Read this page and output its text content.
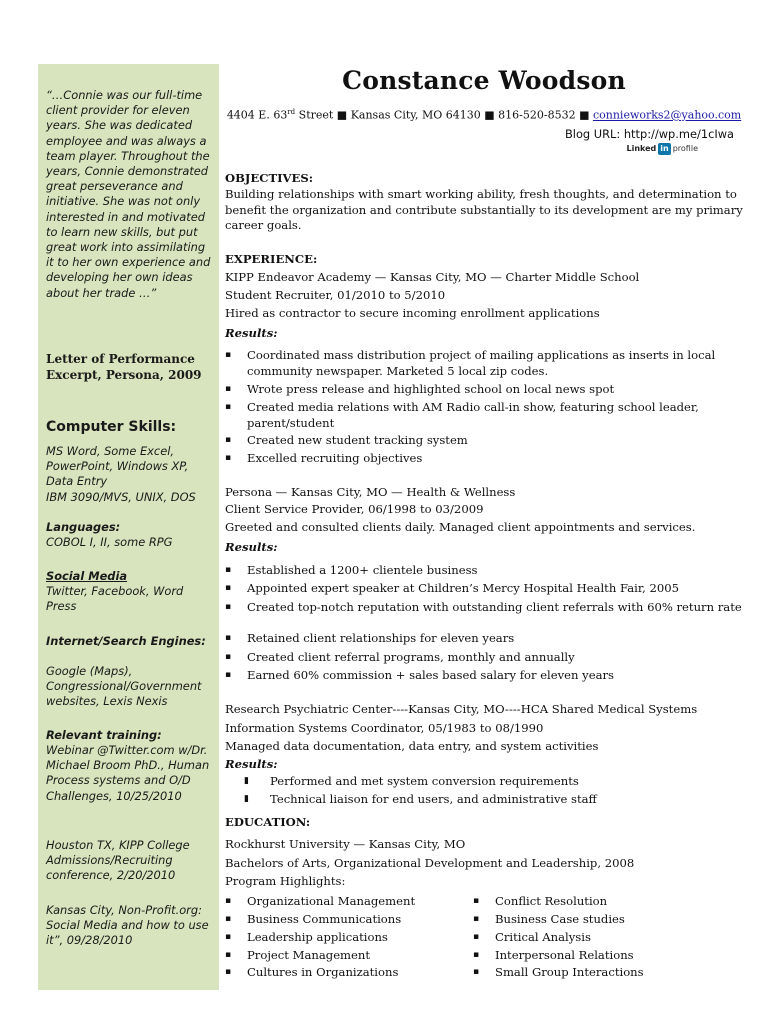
“…Connie was our full-time client provider for eleven years. She was dedicated employee and was always a team player. Throughout the years, Connie demonstrated great perseverance and initiative. She was not only interested in and motivated to learn new skills, but put great work into assimilating it to her own experience and developing her own ideas about her trade …”

Letter of Performance Excerpt, Persona, 2009

Computer Skills:

MS Word, Some Excel, PowerPoint, Windows XP, Data Entry

IBM 3090/MVS, UNIX, DOS

Languages:

COBOL I, II, some RPG

Social Media

Twitter, Facebook, Word Press

Internet/Search Engines:

Google (Maps), Congressional/Government websites, Lexis Nexis

Relevant training:

Webinar @Twitter.com w/Dr. Michael Broom PhD., Human Process systems and O/D Challenges, 10/25/2010

Houston TX, KIPP College Admissions/Recruiting conference, 2/20/2010

Kansas City, Non-Profit.org: Social Media and how to use it”, 09/28/2010

Constance Woodson
4404 E. 63rd Street ■ Kansas City, MO 64130 ■ 816-520-8532 ■ connieworks2@yahoo.com
Blog URL: http://wp.me/1cIwa
Linked in profile
OBJECTIVES:

Building relationships with smart working ability, fresh thoughts, and determination to benefit the organization and contribute substantially to its development are my primary career goals.

EXPERIENCE:
KIPP Endeavor Academy — Kansas City, MO — Charter Middle School
Student Recruiter, 01/2010 to 5/2010
Hired as contractor to secure incoming enrollment applications
Results:
▪ Coordinated mass distribution project of mailing applications as inserts in local community newspaper. Marketed 5 local zip codes.
▪ Wrote press release and highlighted school on local news spot
▪ Created media relations with AM Radio call-in show, featuring school leader, parent/student
▪ Created new student tracking system
▪ Excelled recruiting objectives
Persona — Kansas City, MO — Health & Wellness
Client Service Provider, 06/1998 to 03/2009
Greeted and consulted clients daily. Managed client appointments and services.
Results:
▪ Established a 1200+ clientele business
▪ Appointed expert speaker at Children’s Mercy Hospital Health Fair, 2005
▪ Created top-notch reputation with outstanding client referrals with 60% return rate
▪ Retained client relationships for eleven years
▪ Created client referral programs, monthly and annually
▪ Earned 60% commission + sales based salary for eleven years
Research Psychiatric Center----Kansas City, MO----HCA Shared Medical Systems
Information Systems Coordinator, 05/1983 to 08/1990
Managed data documentation, data entry, and system activities
Results:
▮ Performed and met system conversion requirements
▮ Technical liaison for end users, and administrative staff
EDUCATION:
Rockhurst University — Kansas City, MO
Bachelors of Arts, Organizational Development and Leadership, 2008
Program Highlights:
▪ Organizational Management
▪ Business Communications
▪ Leadership applications
▪ Project Management
▪ Cultures in Organizations
▪ Conflict Resolution
▪ Business Case studies
▪ Critical Analysis
▪ Interpersonal Relations
▪ Small Group Interactions
